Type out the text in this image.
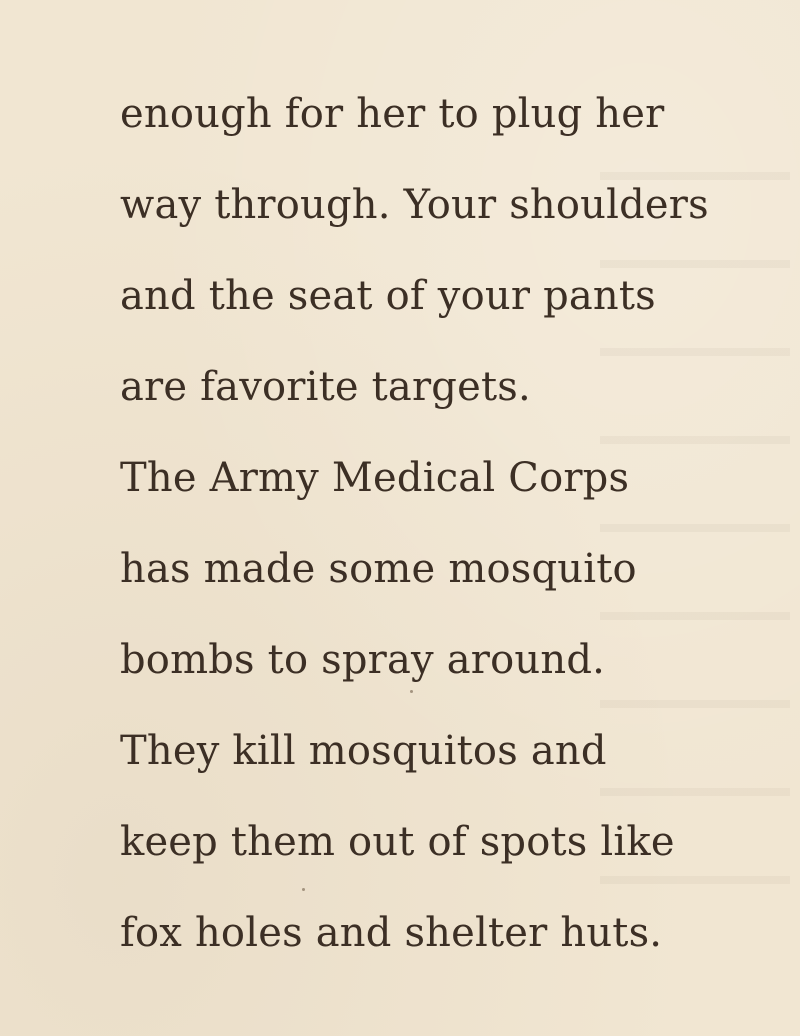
enough for her to plug her
way through. Your shoulders
and the seat of your pants
are favorite targets.
The Army Medical Corps
has made some mosquito
bombs to spray around.
They kill mosquitos and
keep them out of spots like
fox holes and shelter huts.
